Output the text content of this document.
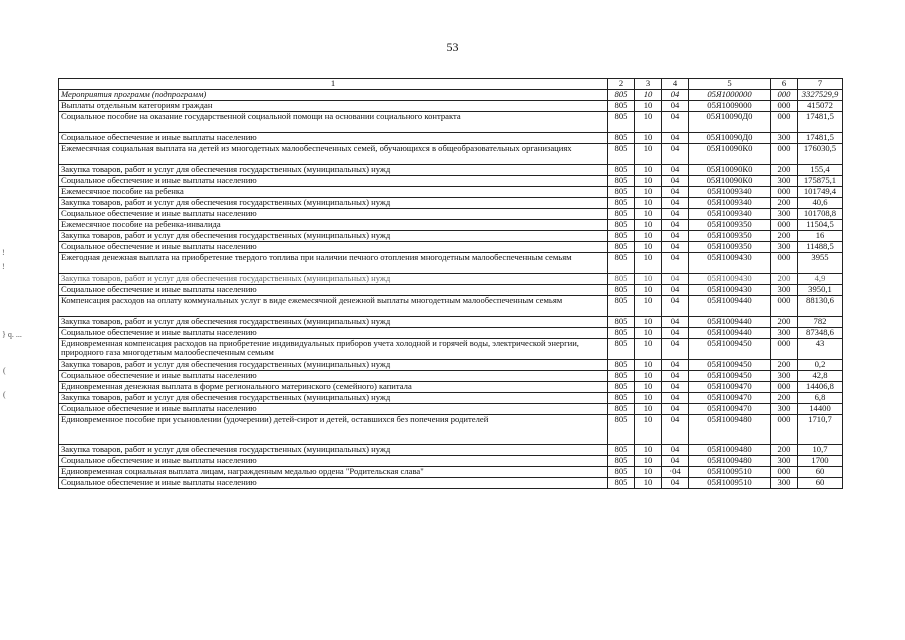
53
!
!
} q. ...
(
(
1	2	3	4	5	6	7
Мероприятия программ (подпрограмм)	805	10	04	05Я1000000	000	3327529,9
Выплаты отдельным категориям граждан	805	10	04	05Я1009000	000	415072
Социальное пособие на оказание государственной социальной помощи на основании социального контракта	805	10	04	05Я10090Д0	000	17481,5
Социальное обеспечение и иные выплаты населению	805	10	04	05Я10090Д0	300	17481,5
Ежемесячная социальная выплата на детей из многодетных малообеспеченных семей, обучающихся в общеобразовательных организациях	805	10	04	05Я10090К0	000	176030,5
Закупка товаров, работ и услуг для обеспечения государственных (муниципальных) нужд	805	10	04	05Я10090К0	200	155,4
Социальное обеспечение и иные выплаты населению	805	10	04	05Я10090К0	300	175875,1
Ежемесячное пособие на ребенка	805	10	04	05Я1009340	000	101749,4
Закупка товаров, работ и услуг для обеспечения государственных (муниципальных) нужд	805	10	04	05Я1009340	200	40,6
Социальное обеспечение и иные выплаты населению	805	10	04	05Я1009340	300	101708,8
Ежемесячное пособие на ребенка-инвалида	805	10	04	05Я1009350	000	11504,5
Закупка товаров, работ и услуг для обеспечения государственных (муниципальных) нужд	805	10	04	05Я1009350	200	16
Социальное обеспечение и иные выплаты населению	805	10	04	05Я1009350	300	11488,5
Ежегодная денежная выплата на приобретение твердого топлива при наличии печного отопления многодетным малообеспеченным семьям	805	10	04	05Я1009430	000	3955
Закупка товаров, работ и услуг для обеспечения государственных (муниципальных) нужд	805	10	04	05Я1009430	200	4,9
Социальное обеспечение и иные выплаты населению	805	10	04	05Я1009430	300	3950,1
Компенсация расходов на оплату коммунальных услуг в виде ежемесячной денежной выплаты многодетным малообеспеченным семьям	805	10	04	05Я1009440	000	88130,6
Закупка товаров, работ и услуг для обеспечения государственных (муниципальных) нужд	805	10	04	05Я1009440	200	782
Социальное обеспечение и иные выплаты населению	805	10	04	05Я1009440	300	87348,6
Единовременная компенсация расходов на приобретение индивидуальных приборов учета холодной и горячей воды, электрической энергии, природного газа многодетным малообеспеченным семьям	805	10	04	05Я1009450	000	43
Закупка товаров, работ и услуг для обеспечения государственных (муниципальных) нужд	805	10	04	05Я1009450	200	0,2
Социальное обеспечение и иные выплаты населению	805	10	04	05Я1009450	300	42,8
Единовременная денежная выплата в форме регионального материнского (семейного) капитала	805	10	04	05Я1009470	000	14406,8
Закупка товаров, работ и услуг для обеспечения государственных (муниципальных) нужд	805	10	04	05Я1009470	200	6,8
Социальное обеспечение и иные выплаты населению	805	10	04	05Я1009470	300	14400
Единовременное пособие при усыновлении (удочерении) детей-сирот и детей, оставшихся без попечения родителей	805	10	04	05Я1009480	000	1710,7
Закупка товаров, работ и услуг для обеспечения государственных (муниципальных) нужд	805	10	04	05Я1009480	200	10,7
Социальное обеспечение и иные выплаты населению	805	10	04	05Я1009480	300	1700
Единовременная социальная выплата лицам, награжденным медалью ордена "Родительская слава"	805	10	·04	05Я1009510	000	60
Социальное обеспечение и иные выплаты населению	805	10	04	05Я1009510	300	60
